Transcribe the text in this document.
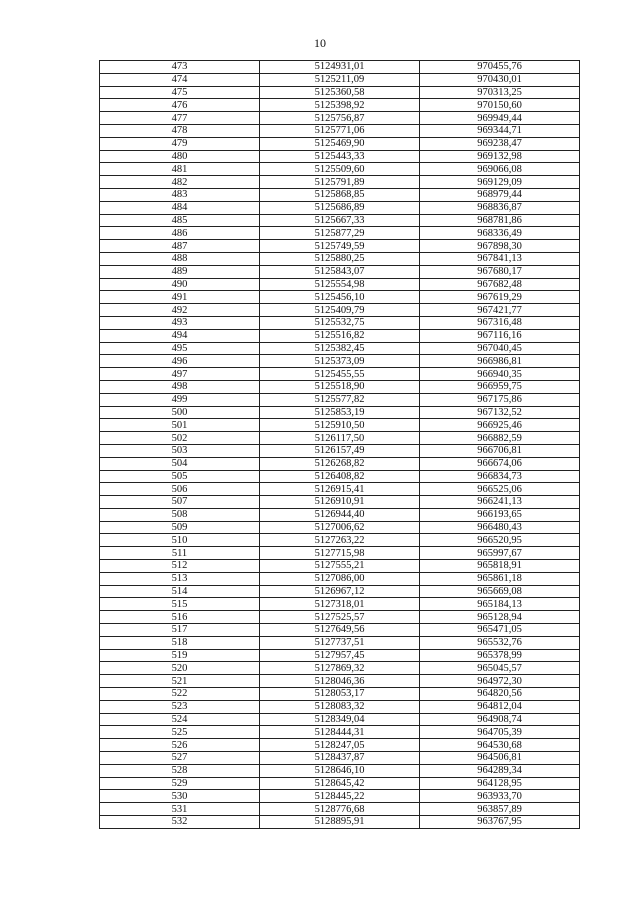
10
473	5124931,01	970455,76
474	5125211,09	970430,01
475	5125360,58	970313,25
476	5125398,92	970150,60
477	5125756,87	969949,44
478	5125771,06	969344,71
479	5125469,90	969238,47
480	5125443,33	969132,98
481	5125509,60	969066,08
482	5125791,89	969129,09
483	5125868,85	968979,44
484	5125686,89	968836,87
485	5125667,33	968781,86
486	5125877,29	968336,49
487	5125749,59	967898,30
488	5125880,25	967841,13
489	5125843,07	967680,17
490	5125554,98	967682,48
491	5125456,10	967619,29
492	5125409,79	967421,77
493	5125532,75	967316,48
494	5125516,82	967116,16
495	5125382,45	967040,45
496	5125373,09	966986,81
497	5125455,55	966940,35
498	5125518,90	966959,75
499	5125577,82	967175,86
500	5125853,19	967132,52
501	5125910,50	966925,46
502	5126117,50	966882,59
503	5126157,49	966706,81
504	5126268,82	966674,06
505	5126408,82	966834,73
506	5126915,41	966525,06
507	5126910,91	966241,13
508	5126944,40	966193,65
509	5127006,62	966480,43
510	5127263,22	966520,95
511	5127715,98	965997,67
512	5127555,21	965818,91
513	5127086,00	965861,18
514	5126967,12	965669,08
515	5127318,01	965184,13
516	5127525,57	965128,94
517	5127649,56	965471,05
518	5127737,51	965532,76
519	5127957,45	965378,99
520	5127869,32	965045,57
521	5128046,36	964972,30
522	5128053,17	964820,56
523	5128083,32	964812,04
524	5128349,04	964908,74
525	5128444,31	964705,39
526	5128247,05	964530,68
527	5128437,87	964506,81
528	5128646,10	964289,34
529	5128645,42	964128,95
530	5128445,22	963933,70
531	5128776,68	963857,89
532	5128895,91	963767,95
